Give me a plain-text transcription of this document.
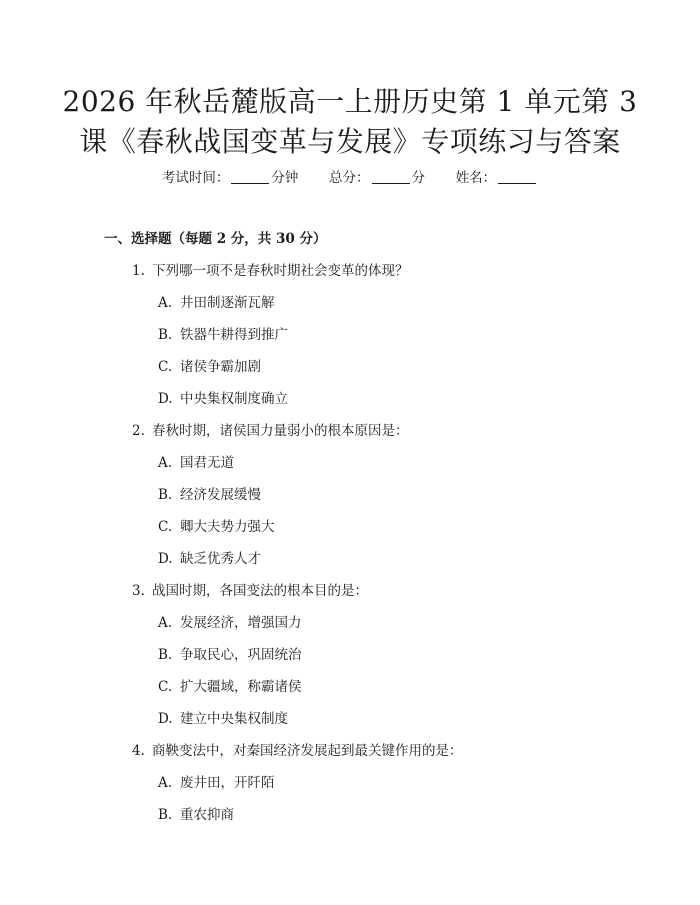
2026 年秋岳麓版高一上册历史第 1 单元第 3
课《春秋战国变革与发展》专项练习与答案
考试时间：	分钟 总分：	分 姓名：
一、选择题（每题 2 分，共 30 分）
1. 下列哪一项不是春秋时期社会变革的体现？
A. 井田制逐渐瓦解
B. 铁器牛耕得到推广
C. 诸侯争霸加剧
D. 中央集权制度确立
2. 春秋时期，诸侯国力量弱小的根本原因是：
A. 国君无道
B. 经济发展缓慢
C. 卿大夫势力强大
D. 缺乏优秀人才
3. 战国时期，各国变法的根本目的是：
A. 发展经济，增强国力
B. 争取民心，巩固统治
C. 扩大疆域，称霸诸侯
D. 建立中央集权制度
4. 商鞅变法中，对秦国经济发展起到最关键作用的是：
A. 废井田，开阡陌
B. 重农抑商
